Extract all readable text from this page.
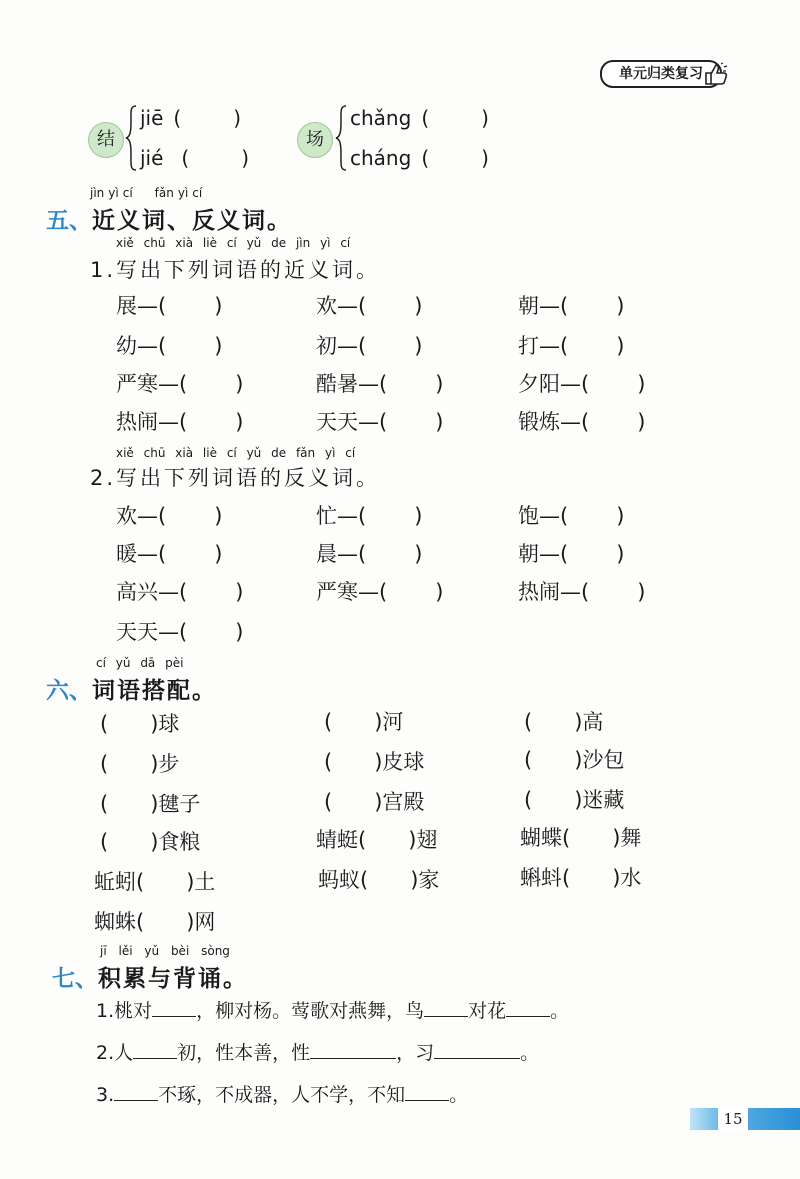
单元归类复习
结
jiē (	)
jié (	)
场
chǎng (	)
cháng (	)
jìn yì cí fǎn yì cí
五、近义词、反义词。
xiě chū xià liè cí yǔ de jìn yì cí
1.写出下列词语的近义词。
展—( )	欢—( )	朝—( )
幼—( )	初—( )	打—( )
严寒—( )	酷暑—( )	夕阳—( )
热闹—( )	天天—( )	锻炼—( )
xiě chū xià liè cí yǔ de fǎn yì cí
2.写出下列词语的反义词。
欢—( )	忙—( )	饱—( )
暖—( )	晨—( )	朝—( )
高兴—( )	严寒—( )	热闹—( )
天天—( )
cí yǔ dā pèi
六、词语搭配。
( )球	( )河	( )高
( )步	( )皮球	( )沙包
( )毽子	( )宫殿	( )迷藏
( )食粮	蜻蜓( )翅	蝴蝶( )舞
蚯蚓( )土	蚂蚁( )家	蝌蚪( )水
蜘蛛( )网
jī lěi yǔ bèi sòng
七、积累与背诵。
1.桃对 ，柳对杨。莺歌对燕舞，鸟 对花 。
2.人 初，性本善，性	，习	。
3. 不琢，不成器，人不学，不知 。
15
